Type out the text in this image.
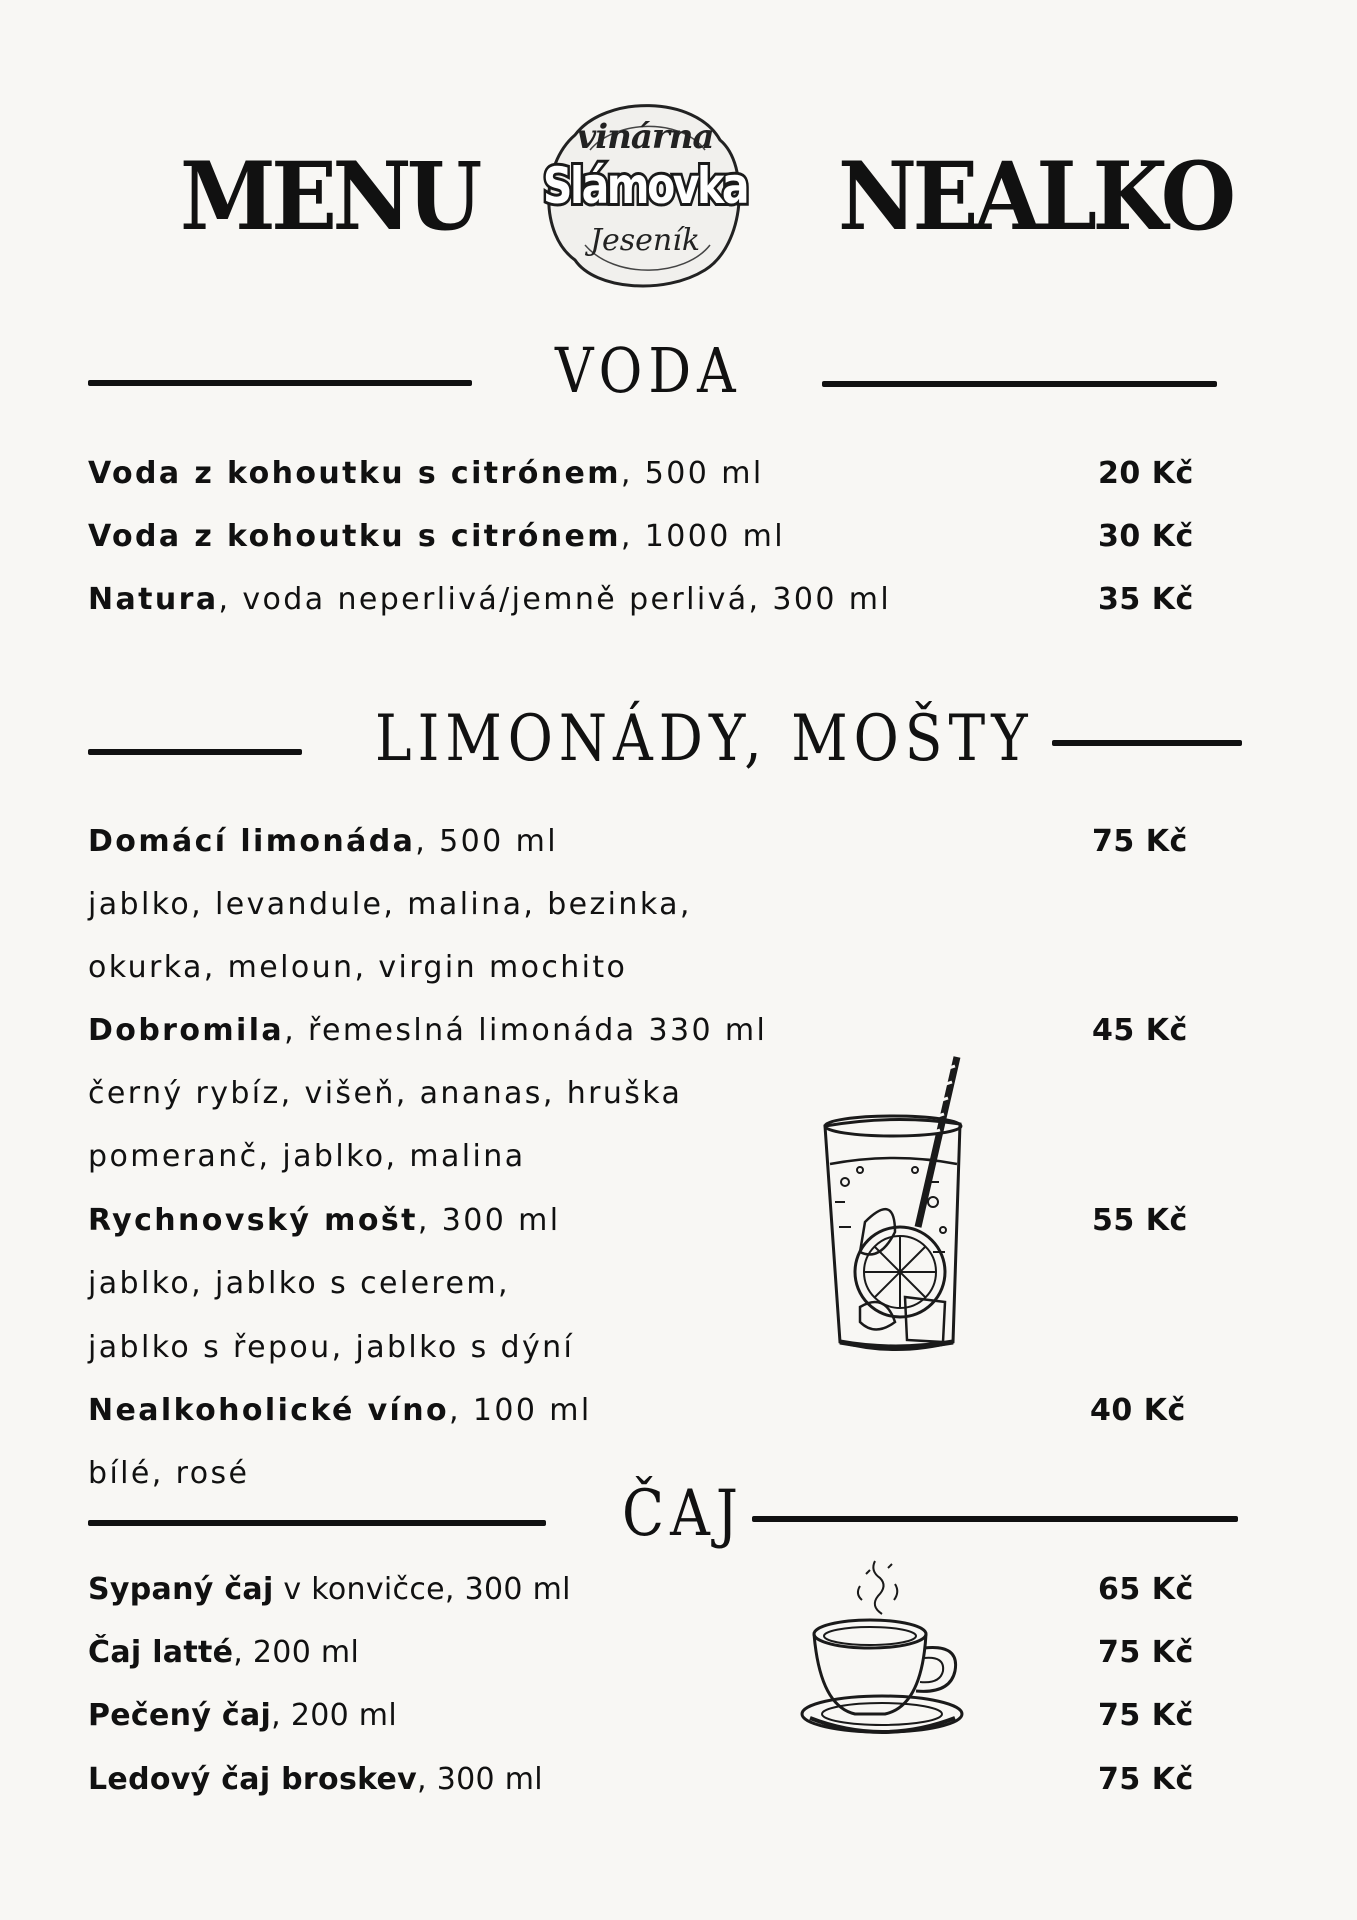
MENU	NEALKO
vinárna
Slámovka
Jeseník
VODA
Voda z kohoutku s citrónem, 500 ml	20 Kč
Voda z kohoutku s citrónem, 1000 ml	30 Kč
Natura, voda neperlivá/jemně perlivá, 300 ml	35 Kč
LIMONÁDY, MOŠTY
Domácí limonáda, 500 ml	75 Kč
jablko, levandule, malina, bezinka,
okurka, meloun, virgin mochito
Dobromila, řemeslná limonáda 330 ml	45 Kč
černý rybíz, višeň, ananas, hruška
pomeranč, jablko, malina
Rychnovský mošt, 300 ml	55 Kč
jablko, jablko s celerem,
jablko s řepou, jablko s dýní
Nealkoholické víno, 100 ml	40 Kč
bílé, rosé
ČAJ
Sypaný čaj v konvičce, 300 ml	65 Kč
Čaj latté, 200 ml	75 Kč
Pečený čaj, 200 ml	75 Kč
Ledový čaj broskev, 300 ml	75 Kč
